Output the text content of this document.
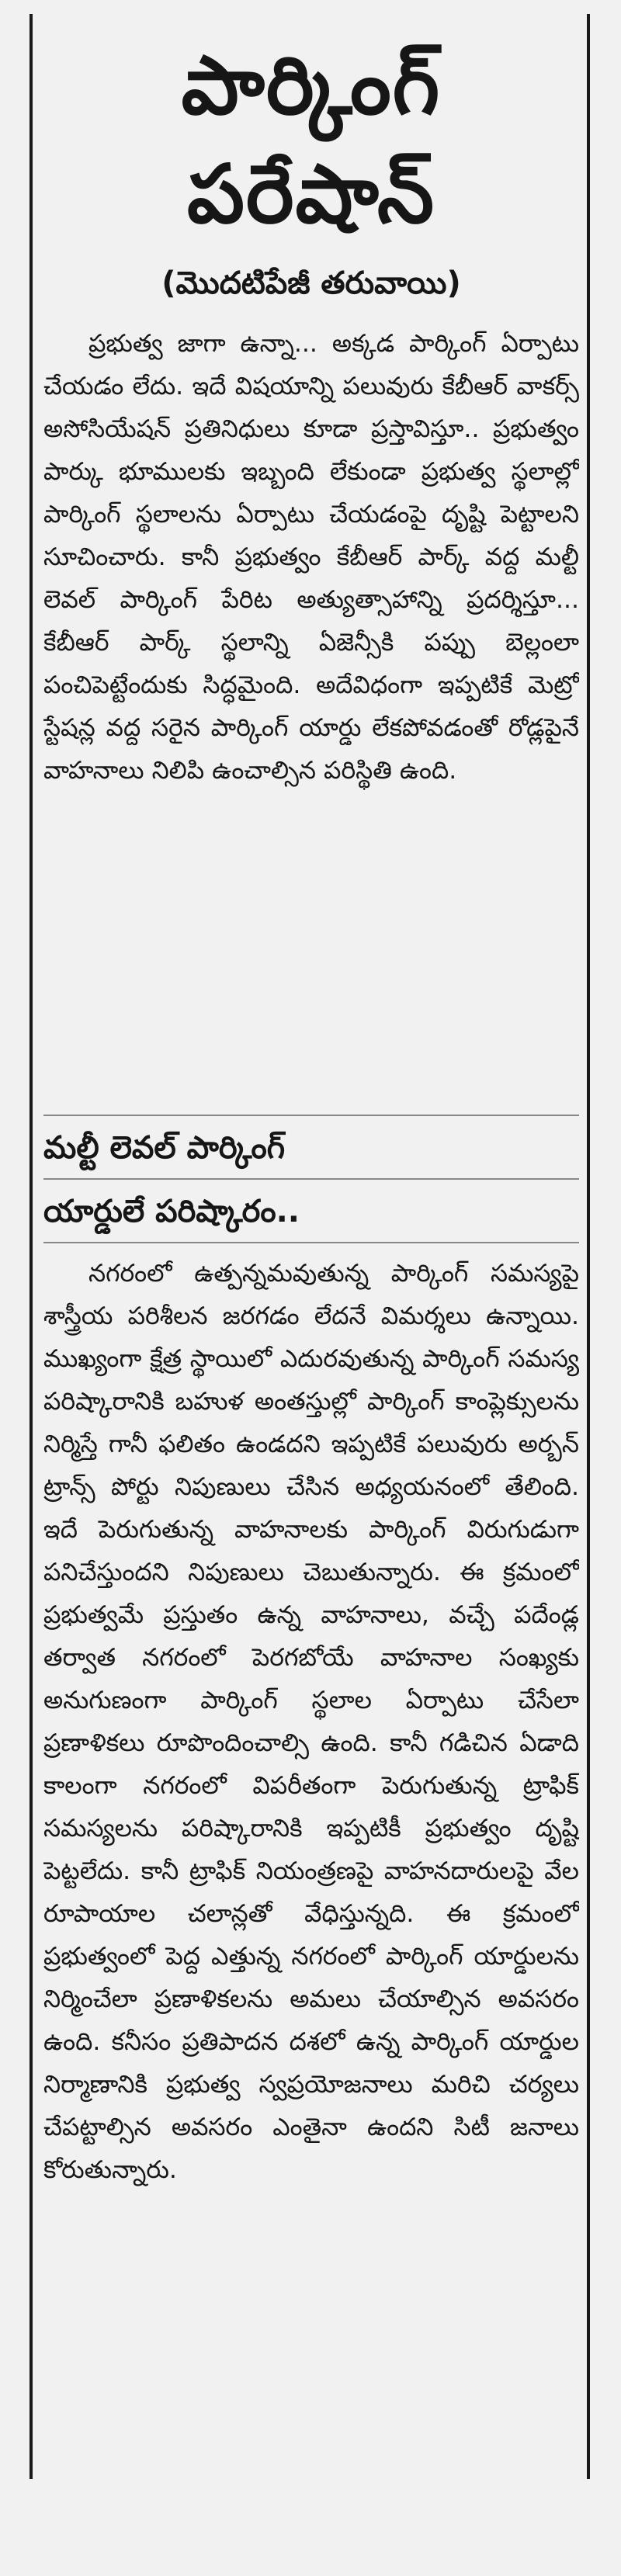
పార్కింగ్
పరేషాన్
(మొదటిపేజీ తరువాయి)

ప్రభుత్వ జాగా ఉన్నా... అక్కడ పార్కింగ్ ఏర్పాటు చేయడం లేదు. ఇదే విషయాన్ని పలువురు కేబీఆర్ వాకర్స్ అసోసియేషన్ ప్రతినిధులు కూడా ప్రస్తావిస్తూ.. ప్రభుత్వం పార్కు భూములకు ఇబ్బంది లేకుండా ప్రభుత్వ స్థలాల్లో పార్కింగ్ స్థలాలను ఏర్పాటు చేయడంపై దృష్టి పెట్టాలని సూచించారు. కానీ ప్రభుత్వం కేబీఆర్ పార్క్ వద్ద మల్టీ లెవల్ పార్కింగ్ పేరిట అత్యుత్సాహాన్ని ప్రదర్శిస్తూ... కేబీఆర్ పార్క్ స్థలాన్ని ఏజెన్సీకి పప్పు బెల్లంలా పంచిపెట్టేందుకు సిద్ధమైంది. అదేవిధంగా ఇప్పటికే మెట్రో స్టేషన్ల వద్ద సరైన పార్కింగ్ యార్డు లేకపోవడంతో రోడ్లపైనే వాహనాలు నిలిపి ఉంచాల్సిన పరిస్థితి ఉంది.

మల్టీ లెవల్ పార్కింగ్
యార్డులే పరిష్కారం..

నగరంలో ఉత్పన్నమవుతున్న పార్కింగ్ సమస్యపై శాస్త్రీయ పరిశీలన జరగడం లేదనే విమర్శలు ఉన్నాయి. ముఖ్యంగా క్షేత్ర స్థాయిలో ఎదురవుతున్న పార్కింగ్ సమస్య పరిష్కారానికి బహుళ అంతస్తుల్లో పార్కింగ్ కాంప్లెక్సులను నిర్మిస్తే గానీ ఫలితం ఉండదని ఇప్పటికే పలువురు అర్బన్ ట్రాన్స్ పోర్టు నిపుణులు చేసిన అధ్యయనంలో తేలింది. ఇదే పెరుగుతున్న వాహనాలకు పార్కింగ్ విరుగుడుగా పనిచేస్తుందని నిపుణులు చెబుతున్నారు. ఈ క్రమంలో ప్రభుత్వమే ప్రస్తుతం ఉన్న వాహనాలు, వచ్చే పదేండ్ల తర్వాత నగరంలో పెరగబోయే వాహనాల సంఖ్యకు అనుగుణంగా పార్కింగ్ స్థలాల ఏర్పాటు చేసేలా ప్రణాళికలు రూపొందించాల్సి ఉంది. కానీ గడిచిన ఏడాది కాలంగా నగరంలో విపరీతంగా పెరుగుతున్న ట్రాఫిక్ సమస్యలను పరిష్కారానికి ఇప్పటికీ ప్రభుత్వం దృష్టి పెట్టలేదు. కానీ ట్రాఫిక్ నియంత్రణపై వాహనదారులపై వేల రూపాయాల చలాన్లతో వేధిస్తున్నది. ఈ క్రమంలో ప్రభుత్వంలో పెద్ద ఎత్తున్న నగరంలో పార్కింగ్ యార్డులను నిర్మించేలా ప్రణాళికలను అమలు చేయాల్సిన అవసరం ఉంది. కనీసం ప్రతిపాదన దశలో ఉన్న పార్కింగ్ యార్డుల నిర్మాణానికి ప్రభుత్వ స్వప్రయోజనాలు మరిచి చర్యలు చేపట్టాల్సిన అవసరం ఎంతైనా ఉందని సిటీ జనాలు కోరుతున్నారు.
